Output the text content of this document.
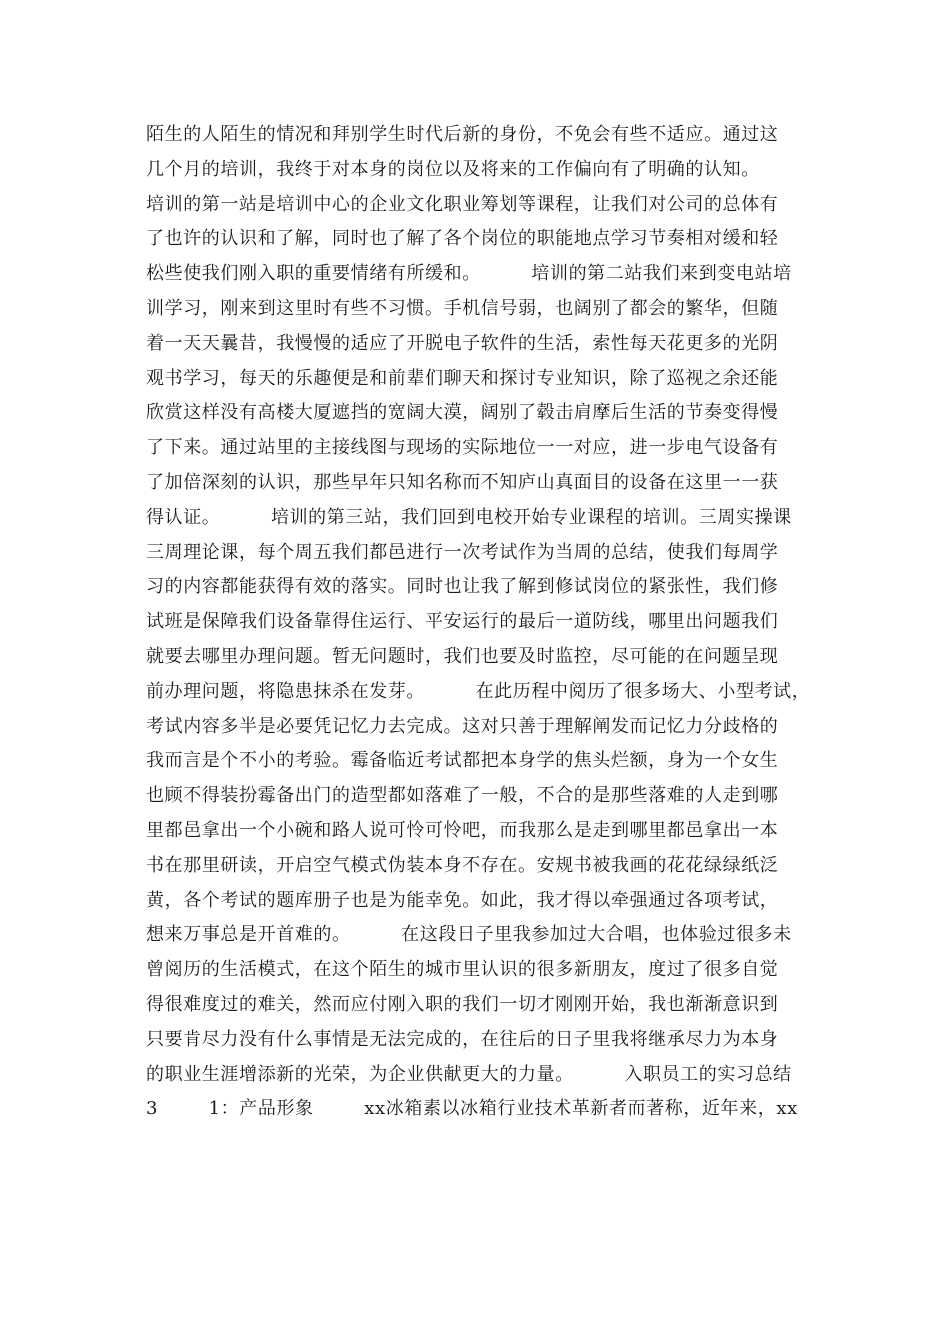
陌生的人陌生的情况和拜别学生时代后新的身份，不免会有些不适应。通过这
几个月的培训，我终于对本身的岗位以及将来的工作偏向有了明确的认知。
培训的第一站是培训中心的企业文化职业筹划等课程，让我们对公司的总体有
了也许的认识和了解，同时也了解了各个岗位的职能地点学习节奏相对缓和轻
松些使我们刚入职的重要情绪有所缓和。        培训的第二站我们来到变电站培
训学习，刚来到这里时有些不习惯。手机信号弱，也阔别了都会的繁华，但随
着一天天曩昔，我慢慢的适应了开脱电子软件的生活，索性每天花更多的光阴
观书学习，每天的乐趣便是和前辈们聊天和探讨专业知识，除了巡视之余还能
欣赏这样没有高楼大厦遮挡的宽阔大漠，阔别了毂击肩摩后生活的节奏变得慢
了下来。通过站里的主接线图与现场的实际地位一一对应，进一步电气设备有
了加倍深刻的认识，那些早年只知名称而不知庐山真面目的设备在这里一一获
得认证。        培训的第三站，我们回到电校开始专业课程的培训。三周实操课
三周理论课，每个周五我们都邑进行一次考试作为当周的总结，使我们每周学
习的内容都能获得有效的落实。同时也让我了解到修试岗位的紧张性，我们修
试班是保障我们设备靠得住运行、平安运行的最后一道防线，哪里出问题我们
就要去哪里办理问题。暂无问题时，我们也要及时监控，尽可能的在问题呈现
前办理问题，将隐患抹杀在发芽。        在此历程中阅历了很多场大、小型考试，
考试内容多半是必要凭记忆力去完成。这对只善于理解阐发而记忆力分歧格的
我而言是个不小的考验。霉备临近考试都把本身学的焦头烂额，身为一个女生
也顾不得装扮霉备出门的造型都如落难了一般，不合的是那些落难的人走到哪
里都邑拿出一个小碗和路人说可怜可怜吧，而我那么是走到哪里都邑拿出一本
书在那里研读，开启空气模式伪装本身不存在。安规书被我画的花花绿绿纸泛
黄，各个考试的题库册子也是为能幸免。如此，我才得以牵强通过各项考试，
想来万事总是开首难的。        在这段日子里我参加过大合唱，也体验过很多未
曾阅历的生活模式，在这个陌生的城市里认识的很多新朋友，度过了很多自觉
得很难度过的难关，然而应付刚入职的我们一切才刚刚开始，我也渐渐意识到
只要肯尽力没有什么事情是无法完成的，在往后的日子里我将继承尽力为本身
的职业生涯增添新的光荣，为企业供献更大的力量。        入职员工的实习总结
3        1：产品形象        xx冰箱素以冰箱行业技术革新者而著称，近年来，xx
